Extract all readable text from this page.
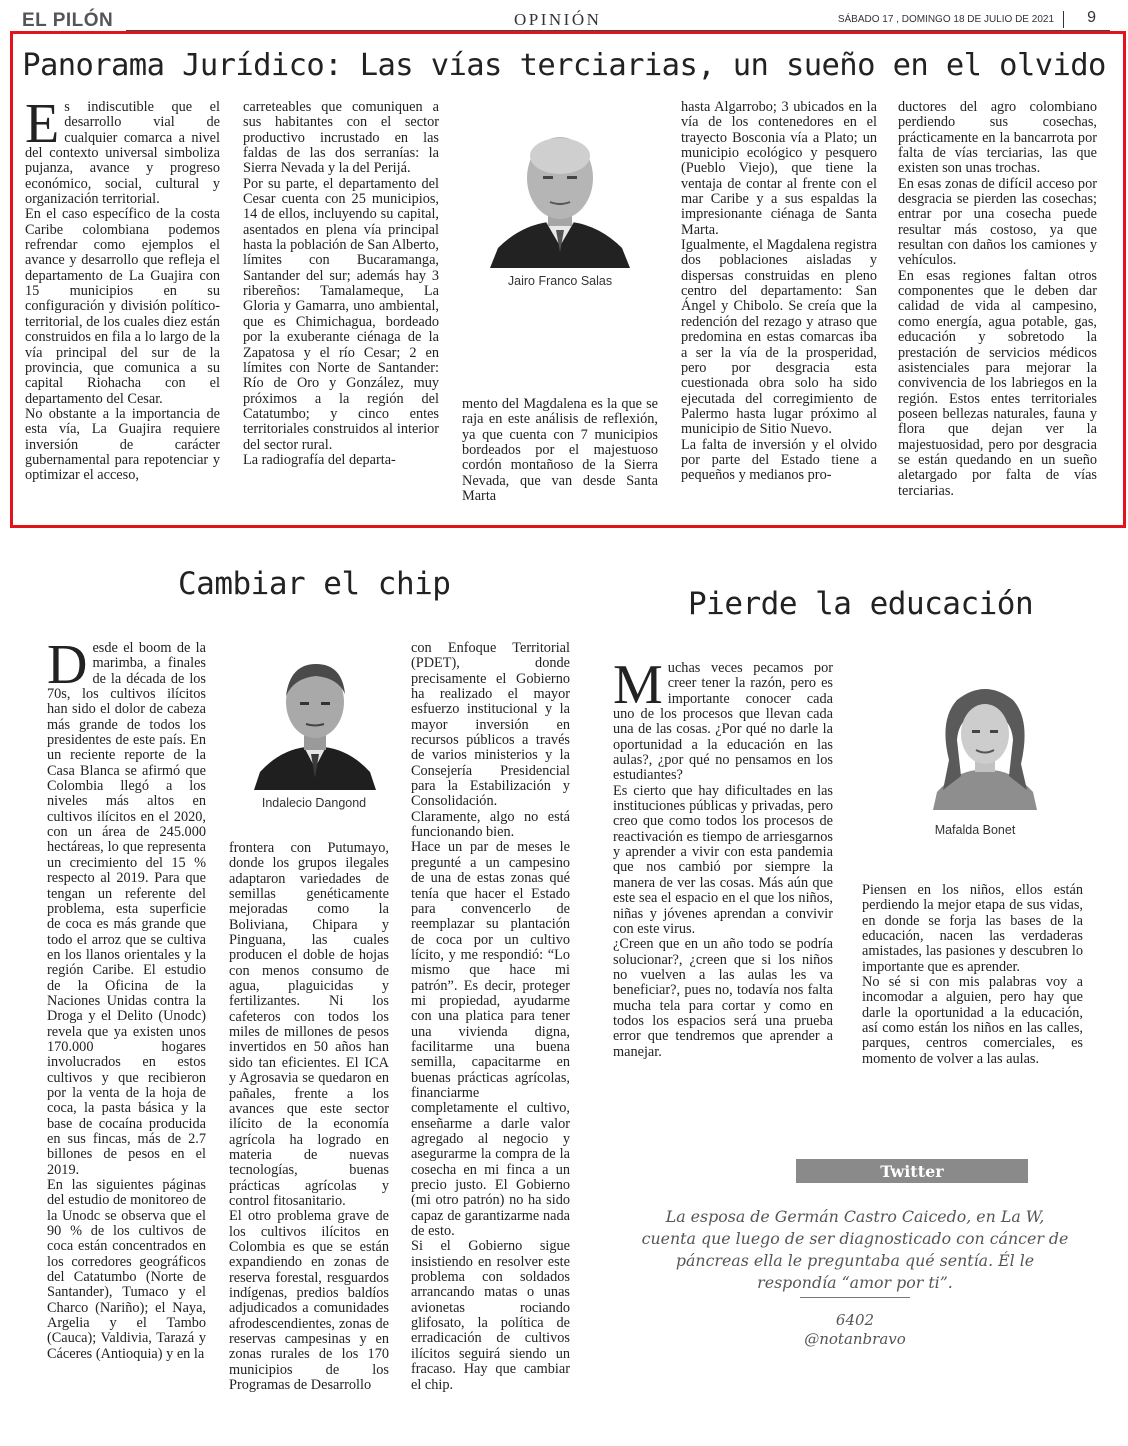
EL PILÓN	OPINIÓN	SÁBADO 17 , DOMINGO 18 DE JULIO DE 2021 9
Panorama Jurídico: Las vías terciarias, un sueño en el olvido
E s indiscutible que el desarrollo vial de cualquier comarca a nivel del contexto universal simboliza pujanza, avance y progreso económico, social, cultural y organización territorial.

En el caso específico de la costa Caribe colombiana podemos refrendar como ejemplos el avance y desarrollo que refleja el departamento de La Guajira con 15 municipios en su configuración y división político-territorial, de los cuales diez están construidos en fila a lo largo de la vía principal del sur de la provincia, que comunica a su capital Riohacha con el departamento del Cesar.

No obstante a la importancia de esta vía, La Guajira requiere inversión de carácter gubernamental para repotenciar y optimizar el acceso,

carreteables que comuniquen a sus habitantes con el sector productivo incrustado en las faldas de las dos serranías: la Sierra Nevada y la del Perijá.

Por su parte, el departamento del Cesar cuenta con 25 municipios, 14 de ellos, incluyendo su capital, asentados en plena vía principal hasta la población de San Alberto, límites con Bucaramanga, Santander del sur; además hay 3 ribereños: Tamalameque, La Gloria y Gamarra, uno ambiental, que es Chimichagua, bordeado por la exuberante ciénaga de la Zapatosa y el río Cesar; 2 en límites con Norte de Santander: Río de Oro y González, muy próximos a la región del Catatumbo; y cinco entes territoriales construidos al interior del sector rural.

La radiografía del departa-

Jairo Franco Salas

mento del Magdalena es la que se raja en este análisis de reflexión, ya que cuenta con 7 municipios bordeados por el majestuoso cordón montañoso de la Sierra Nevada, que van desde Santa Marta

hasta Algarrobo; 3 ubicados en la vía de los contenedores en el trayecto Bosconia vía a Plato; un municipio ecológico y pesquero (Pueblo Viejo), que tiene la ventaja de contar al frente con el mar Caribe y a sus espaldas la impresionante ciénaga de Santa Marta.

Igualmente, el Magdalena registra dos poblaciones aisladas y dispersas construidas en pleno centro del departamento: San Ángel y Chibolo. Se creía que la redención del rezago y atraso que predomina en estas comarcas iba a ser la vía de la prosperidad, pero por desgracia esta cuestionada obra solo ha sido ejecutada del corregimiento de Palermo hasta lugar próximo al municipio de Sitio Nuevo.

La falta de inversión y el olvido por parte del Estado tiene a pequeños y medianos pro-

ductores del agro colombiano perdiendo sus cosechas, prácticamente en la bancarrota por falta de vías terciarias, las que existen son unas trochas.

En esas zonas de difícil acceso por desgracia se pierden las cosechas; entrar por una cosecha puede resultar más costoso, ya que resultan con daños los camiones y vehículos.

En esas regiones faltan otros componentes que le deben dar calidad de vida al campesino, como energía, agua potable, gas, educación y sobretodo la prestación de servicios médicos asistenciales para mejorar la convivencia de los labriegos en la región. Estos entes territoriales poseen bellezas naturales, fauna y flora que dejan ver la majestuosidad, pero por desgracia se están quedando en un sueño aletargado por falta de vías terciarias.

Cambiar el chip
D esde el boom de la marimba, a finales de la década de los 70s, los cultivos ilícitos han sido el dolor de cabeza más grande de todos los presidentes de este país. En un reciente reporte de la Casa Blanca se afirmó que Colombia llegó a los niveles más altos en cultivos ilícitos en el 2020, con un área de 245.000 hectáreas, lo que representa un crecimiento del 15 % respecto al 2019. Para que tengan un referente del problema, esta superficie de coca es más grande que todo el arroz que se cultiva en los llanos orientales y la región Caribe. El estudio de la Oficina de la Naciones Unidas contra la Droga y el Delito (Unodc) revela que ya existen unos 170.000 hogares involucrados en estos cultivos y que recibieron por la venta de la hoja de coca, la pasta básica y la base de cocaína producida en sus fincas, más de 2.7 billones de pesos en el 2019.

En las siguientes páginas del estudio de monitoreo de la Unodc se observa que el 90 % de los cultivos de coca están concentrados en los corredores geográficos del Catatumbo (Norte de Santander), Tumaco y el Charco (Nariño); el Naya, Argelia y el Tambo (Cauca); Valdivia, Tarazá y Cáceres (Antioquia) y en la

Indalecio Dangond

frontera con Putumayo, donde los grupos ilegales adaptaron variedades de semillas genéticamente mejoradas como la Boliviana, Chipara y Pinguana, las cuales producen el doble de hojas con menos consumo de agua, plaguicidas y fertilizantes. Ni los cafeteros con todos los miles de millones de pesos invertidos en 50 años han sido tan eficientes. El ICA y Agrosavia se quedaron en pañales, frente a los avances que este sector ilícito de la economía agrícola ha logrado en materia de nuevas tecnologías, buenas prácticas agrícolas y control fitosanitario.

El otro problema grave de los cultivos ilícitos en Colombia es que se están expandiendo en zonas de reserva forestal, resguardos indígenas, predios baldíos adjudicados a comunidades afrodescendientes, zonas de reservas campesinas y en zonas rurales de los 170 municipios de los Programas de Desarrollo

con Enfoque Territorial (PDET), donde precisamente el Gobierno ha realizado el mayor esfuerzo institucional y la mayor inversión en recursos públicos a través de varios ministerios y la Consejería Presidencial para la Estabilización y Consolidación. Claramente, algo no está funcionando bien.

Hace un par de meses le pregunté a un campesino de una de estas zonas qué tenía que hacer el Estado para convencerlo de reemplazar su plantación de coca por un cultivo lícito, y me respondió: “Lo mismo que hace mi patrón”. Es decir, proteger mi propiedad, ayudarme con una platica para tener una vivienda digna, facilitarme una buena semilla, capacitarme en buenas prácticas agrícolas, financiarme completamente el cultivo, enseñarme a darle valor agregado al negocio y asegurarme la compra de la cosecha en mi finca a un precio justo. El Gobierno (mi otro patrón) no ha sido capaz de garantizarme nada de esto.

Si el Gobierno sigue insistiendo en resolver este problema con soldados arrancando matas o unas avionetas rociando glifosato, la política de erradicación de cultivos ilícitos seguirá siendo un fracaso. Hay que cambiar el chip.

Pierde la educación
M uchas veces pecamos por creer tener la razón, pero es importante conocer cada uno de los procesos que llevan cada una de las cosas. ¿Por qué no darle la oportunidad a la educación en las aulas?, ¿por qué no pensamos en los estudiantes?

Es cierto que hay dificultades en las instituciones públicas y privadas, pero creo que como todos los procesos de reactivación es tiempo de arriesgarnos y aprender a vivir con esta pandemia que nos cambió por siempre la manera de ver las cosas. Más aún que este sea el espacio en el que los niños, niñas y jóvenes aprendan a convivir con este virus.

¿Creen que en un año todo se podría solucionar?, ¿creen que si los niños no vuelven a las aulas les va beneficiar?, pues no, todavía nos falta mucha tela para cortar y como en todos los espacios será una prueba error que tendremos que aprender a manejar.

Mafalda Bonet

Piensen en los niños, ellos están perdiendo la mejor etapa de sus vidas, en donde se forja las bases de la educación, nacen las verdaderas amistades, las pasiones y descubren lo importante que es aprender.

No sé si con mis palabras voy a incomodar a alguien, pero hay que darle la oportunidad a la educación, así como están los niños en las calles, parques, centros comerciales, es momento de volver a las aulas.

Twitter
La esposa de Germán Castro Caicedo, en La W, cuenta que luego de ser diagnosticado con cáncer de páncreas ella le preguntaba qué sentía. Él le respondía “amor por ti”.
6402
@notanbravo
